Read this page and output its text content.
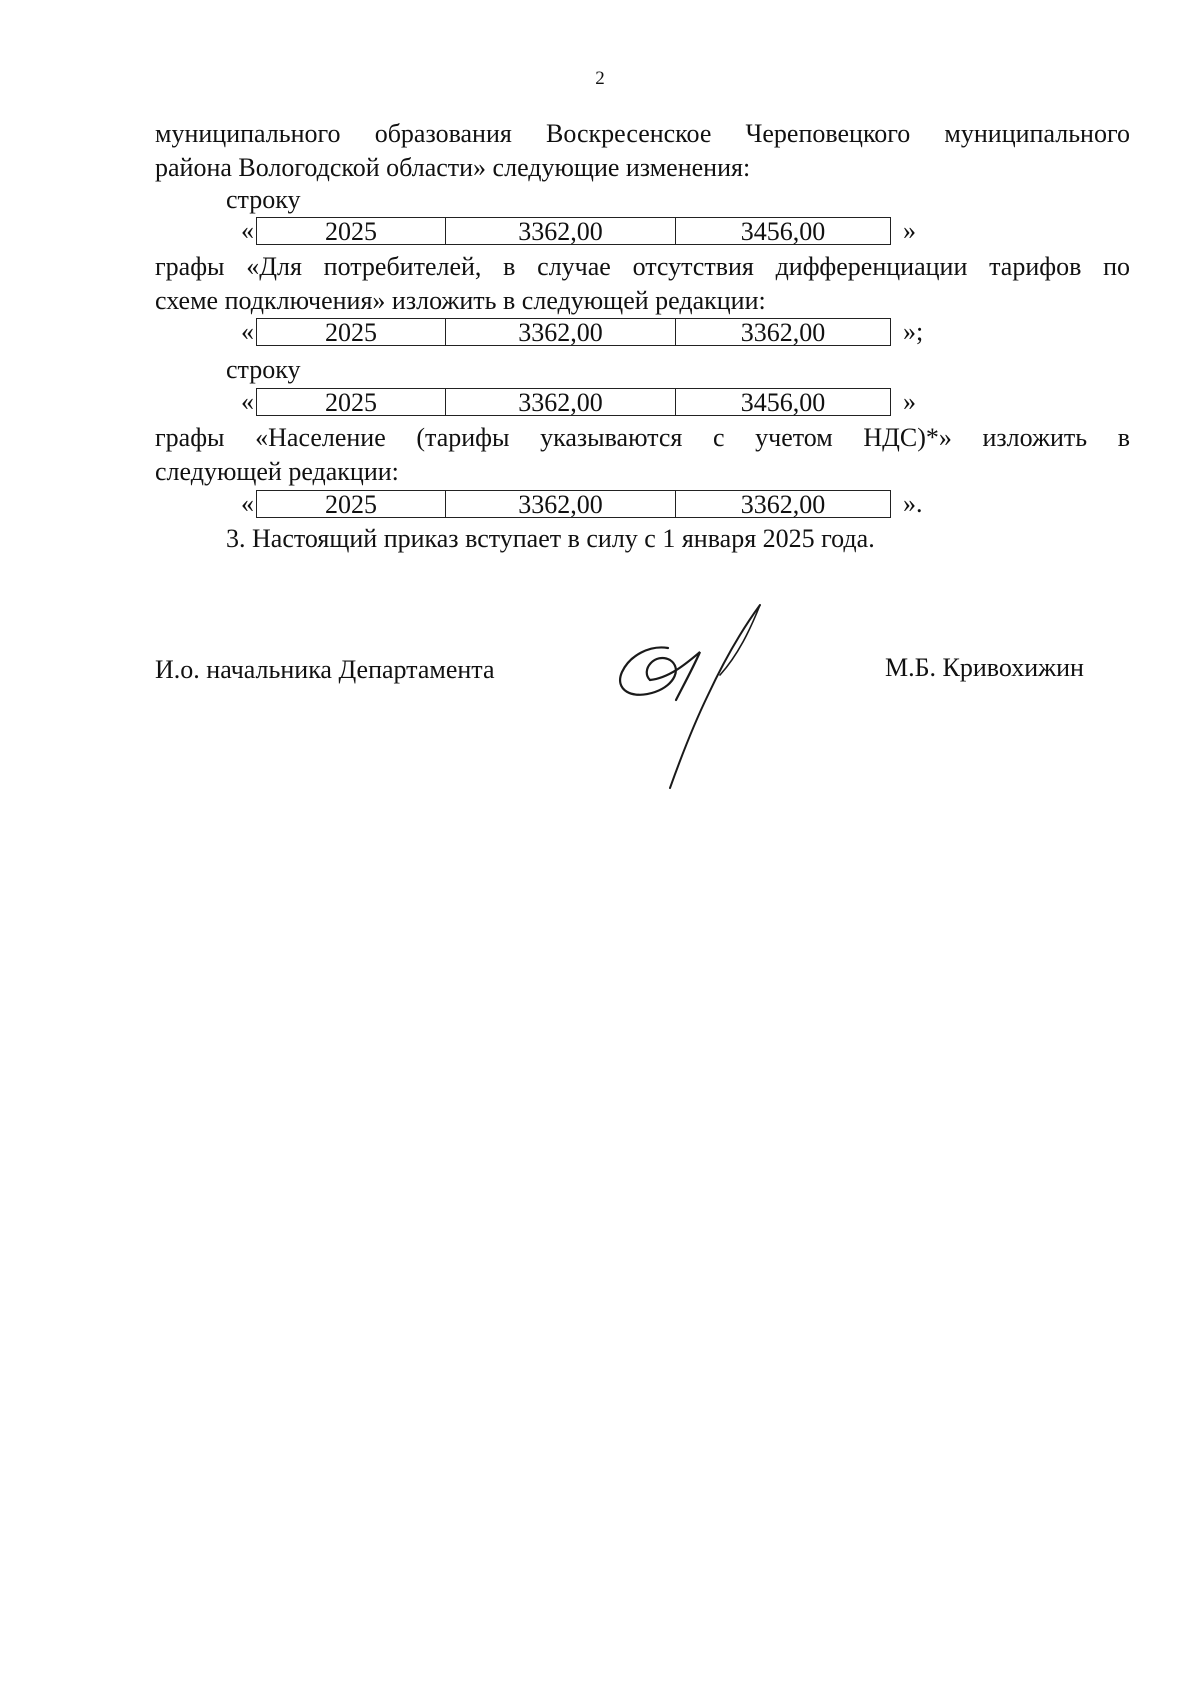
2

муниципального образования Воскресенское Череповецкого муниципального

района Вологодской области» следующие изменения:

строку
«	2025	3362,00	3456,00	»

графы «Для потребителей, в случае отсутствия дифференциации тарифов по

схеме подключения» изложить в следующей редакции:

«	2025	3362,00	3362,00	»;
строку
«	2025	3362,00	3456,00	»

графы «Население (тарифы указываются с учетом НДС)*» изложить в

следующей редакции:

«	2025	3362,00	3362,00	».

3. Настоящий приказ вступает в силу с 1 января 2025 года.

И.о. начальника Департамента	М.Б. Кривохижин
